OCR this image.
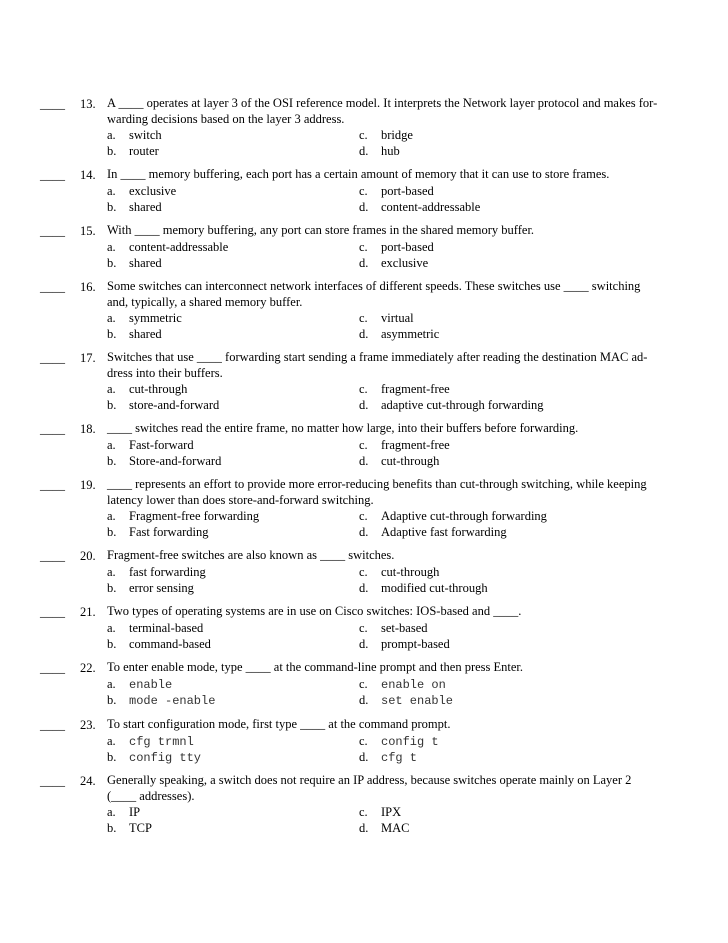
____ 13. A ____ operates at layer 3 of the OSI reference model. It interprets the Network layer protocol and makes for-
warding decisions based on the layer 3 address.
a. switch
b. router
c. bridge
d. hub
____ 14. In ____ memory buffering, each port has a certain amount of memory that it can use to store frames.
a. exclusive
b. shared
c. port-based
d. content-addressable
____ 15. With ____ memory buffering, any port can store frames in the shared memory buffer.
a. content-addressable
b. shared
c. port-based
d. exclusive
____ 16. Some switches can interconnect network interfaces of different speeds. These switches use ____ switching
and, typically, a shared memory buffer.
a. symmetric
b. shared
c. virtual
d. asymmetric
____ 17. Switches that use ____ forwarding start sending a frame immediately after reading the destination MAC ad-
dress into their buffers.
a. cut-through
b. store-and-forward
c. fragment-free
d. adaptive cut-through forwarding
____ 18. ____ switches read the entire frame, no matter how large, into their buffers before forwarding.
a. Fast-forward
b. Store-and-forward
c. fragment-free
d. cut-through
____ 19. ____ represents an effort to provide more error-reducing benefits than cut-through switching, while keeping
latency lower than does store-and-forward switching.
a. Fragment-free forwarding
b. Fast forwarding
c. Adaptive cut-through forwarding
d. Adaptive fast forwarding
____ 20. Fragment-free switches are also known as ____ switches.
a. fast forwarding
b. error sensing
c. cut-through
d. modified cut-through
____ 21. Two types of operating systems are in use on Cisco switches: IOS-based and ____.
a. terminal-based
b. command-based
c. set-based
d. prompt-based
____ 22. To enter enable mode, type ____ at the command-line prompt and then press Enter.
a. enable
b. mode -enable
c. enable on
d. set enable
____ 23. To start configuration mode, first type ____ at the command prompt.
a. cfg trmnl
b. config tty
c. config t
d. cfg t
____ 24. Generally speaking, a switch does not require an IP address, because switches operate mainly on Layer 2
(____ addresses).
a. IP
b. TCP
c. IPX
d. MAC
